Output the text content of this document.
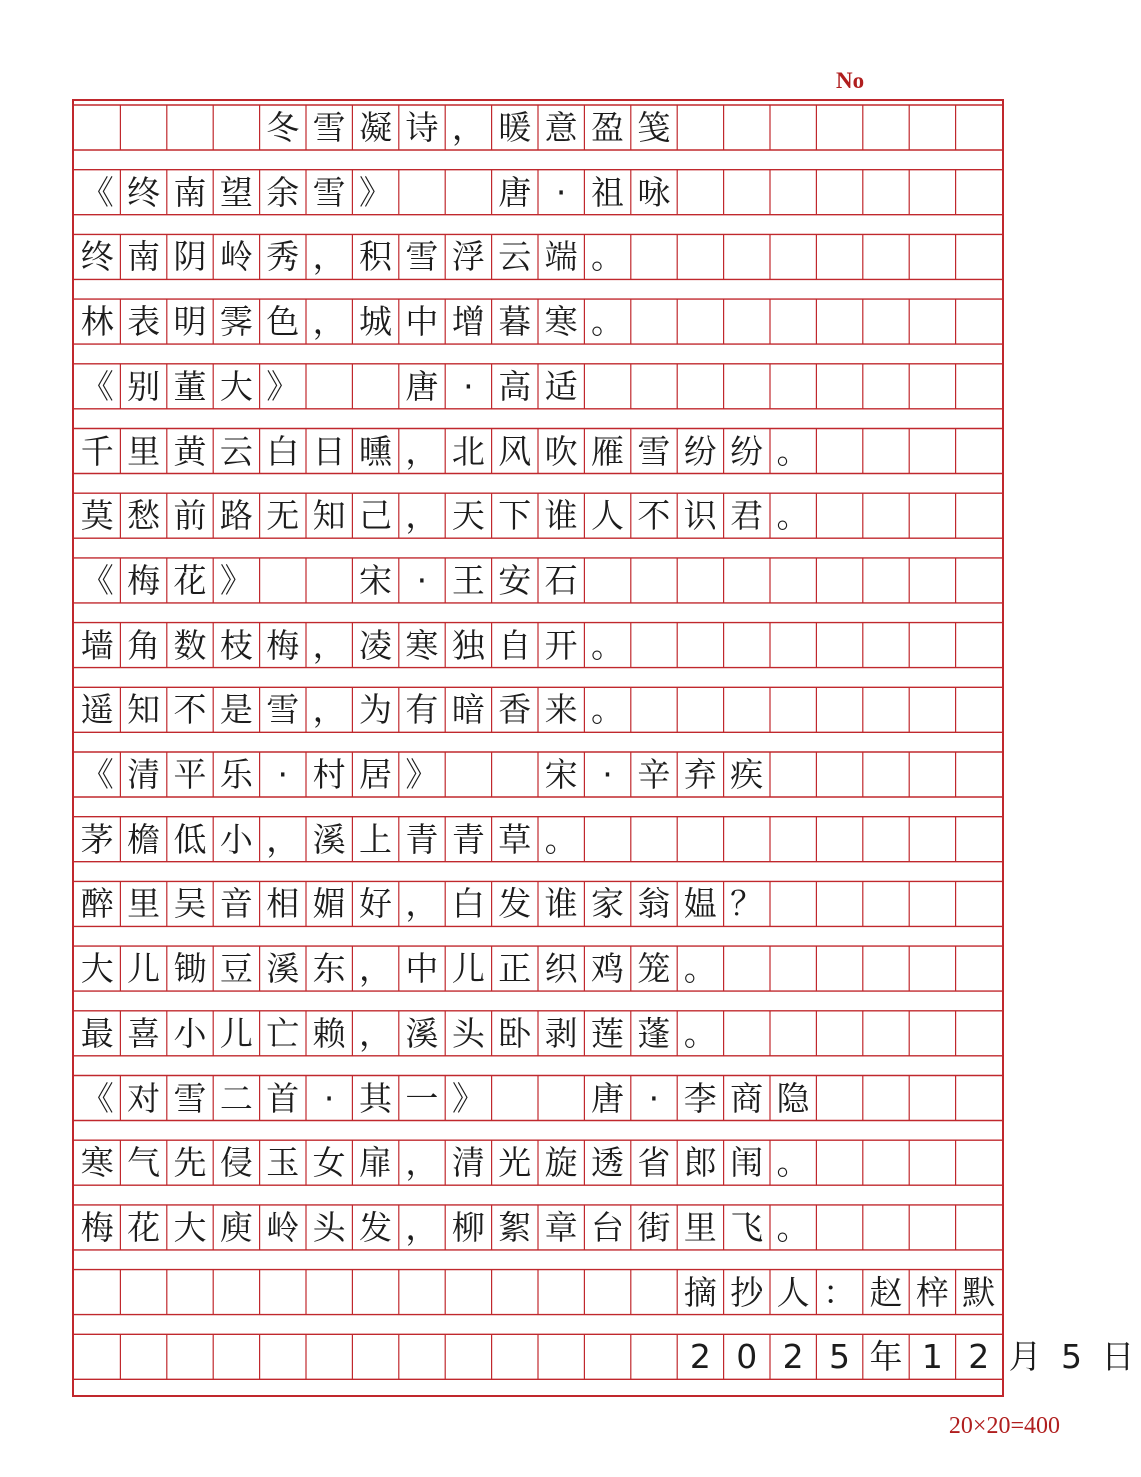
No
冬 雪 凝 诗 ， 暖 意 盈 笺
《 终 南 望 余 雪 》	唐 · 祖 咏
终 南 阴 岭 秀 ， 积 雪 浮 云 端 。
林 表 明 霁 色 ， 城 中 增 暮 寒 。
《 别 董 大 》	唐 · 高 适
千 里 黄 云 白 日 曛 ， 北 风 吹 雁 雪 纷 纷 。
莫 愁 前 路 无 知 己 ， 天 下 谁 人 不 识 君 。
《 梅 花 》	宋 · 王 安 石
墙 角 数 枝 梅 ， 凌 寒 独 自 开 。
遥 知 不 是 雪 ， 为 有 暗 香 来 。
《 清 平 乐 · 村 居 》	宋 · 辛 弃 疾
茅 檐 低 小 ， 溪 上 青 青 草 。
醉 里 吴 音 相 媚 好 ， 白 发 谁 家 翁 媪 ？
大 儿 锄 豆 溪 东 ， 中 儿 正 织 鸡 笼 。
最 喜 小 儿 亡 赖 ， 溪 头 卧 剥 莲 蓬 。
《 对 雪 二 首 · 其 一 》	唐 · 李 商 隐
寒 气 先 侵 玉 女 扉 ， 清 光 旋 透 省 郎 闱 。
梅 花 大 庾 岭 头 发 ， 柳 絮 章 台 街 里 飞 。
摘 抄 人 ： 赵 梓 默
2 0 2 5 年 1 2 月 5 日
20×20=400
